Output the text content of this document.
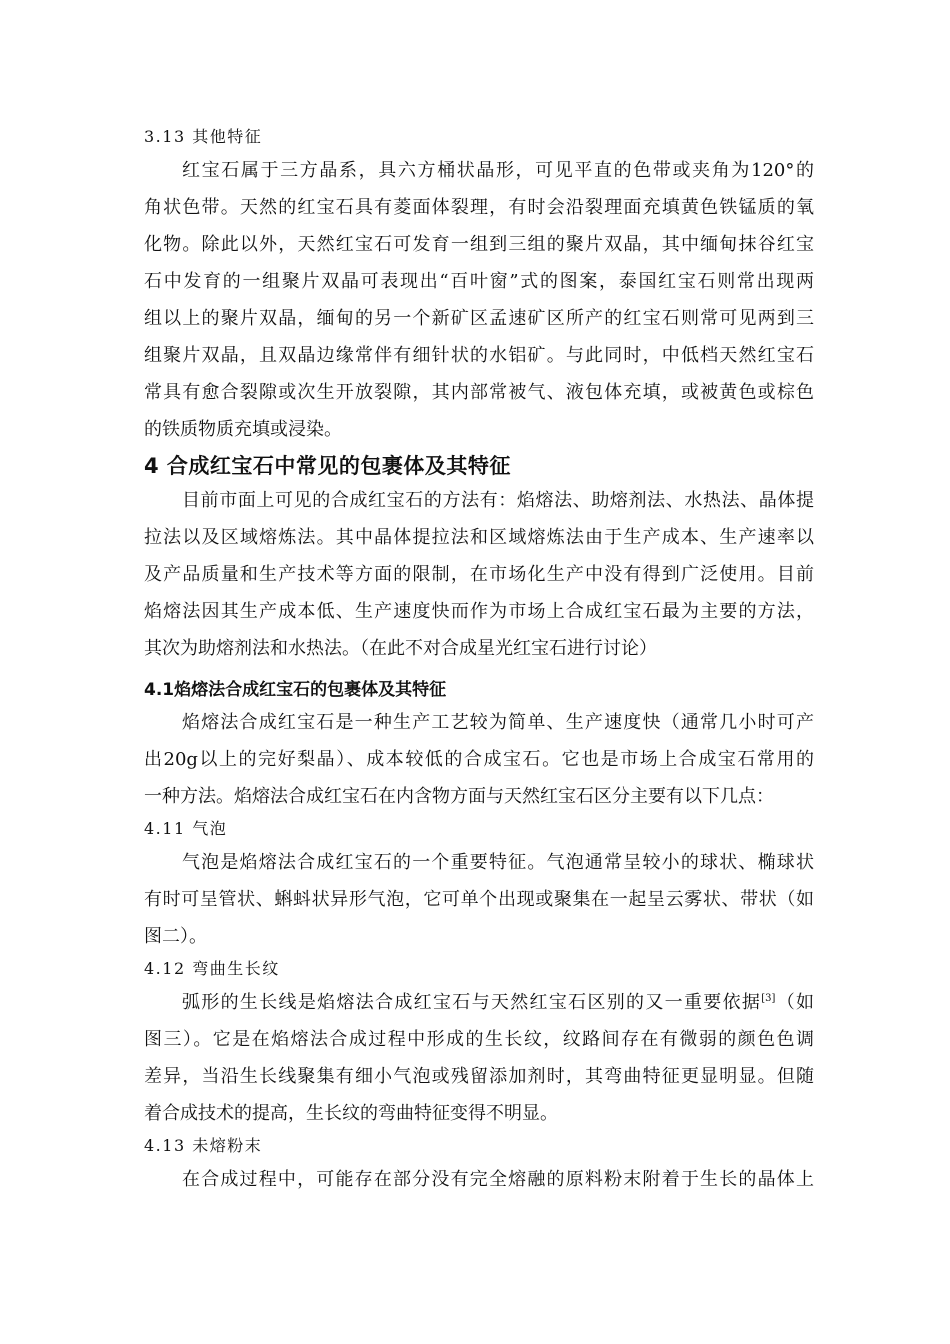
3.13 其他特征
红宝石属于三方晶系，具六方桶状晶形，可见平直的色带或夹角为120°的
角状色带。天然的红宝石具有菱面体裂理，有时会沿裂理面充填黄色铁锰质的氧
化物。除此以外，天然红宝石可发育一组到三组的聚片双晶，其中缅甸抹谷红宝
石中发育的一组聚片双晶可表现出“百叶窗”式的图案，泰国红宝石则常出现两
组以上的聚片双晶，缅甸的另一个新矿区孟速矿区所产的红宝石则常可见两到三
组聚片双晶，且双晶边缘常伴有细针状的水铝矿。与此同时，中低档天然红宝石
常具有愈合裂隙或次生开放裂隙，其内部常被气、液包体充填，或被黄色或棕色
的铁质物质充填或浸染。
4 合成红宝石中常见的包裹体及其特征
目前市面上可见的合成红宝石的方法有：焰熔法、助熔剂法、水热法、晶体提
拉法以及区域熔炼法。其中晶体提拉法和区域熔炼法由于生产成本、生产速率以
及产品质量和生产技术等方面的限制，在市场化生产中没有得到广泛使用。目前
焰熔法因其生产成本低、生产速度快而作为市场上合成红宝石最为主要的方法，
其次为助熔剂法和水热法。（在此不对合成星光红宝石进行讨论）
4.1焰熔法合成红宝石的包裹体及其特征
焰熔法合成红宝石是一种生产工艺较为简单、生产速度快（通常几小时可产
出20g以上的完好梨晶）、成本较低的合成宝石。它也是市场上合成宝石常用的
一种方法。焰熔法合成红宝石在内含物方面与天然红宝石区分主要有以下几点：
4.11 气泡
气泡是焰熔法合成红宝石的一个重要特征。气泡通常呈较小的球状、椭球状
有时可呈管状、蝌蚪状异形气泡，它可单个出现或聚集在一起呈云雾状、带状（如
图二）。
4.12 弯曲生长纹
弧形的生长线是焰熔法合成红宝石与天然红宝石区别的又一重要依据[3]（如
图三）。它是在焰熔法合成过程中形成的生长纹，纹路间存在有微弱的颜色色调
差异，当沿生长线聚集有细小气泡或残留添加剂时，其弯曲特征更显明显。但随
着合成技术的提高，生长纹的弯曲特征变得不明显。
4.13 未熔粉末
在合成过程中，可能存在部分没有完全熔融的原料粉末附着于生长的晶体上
